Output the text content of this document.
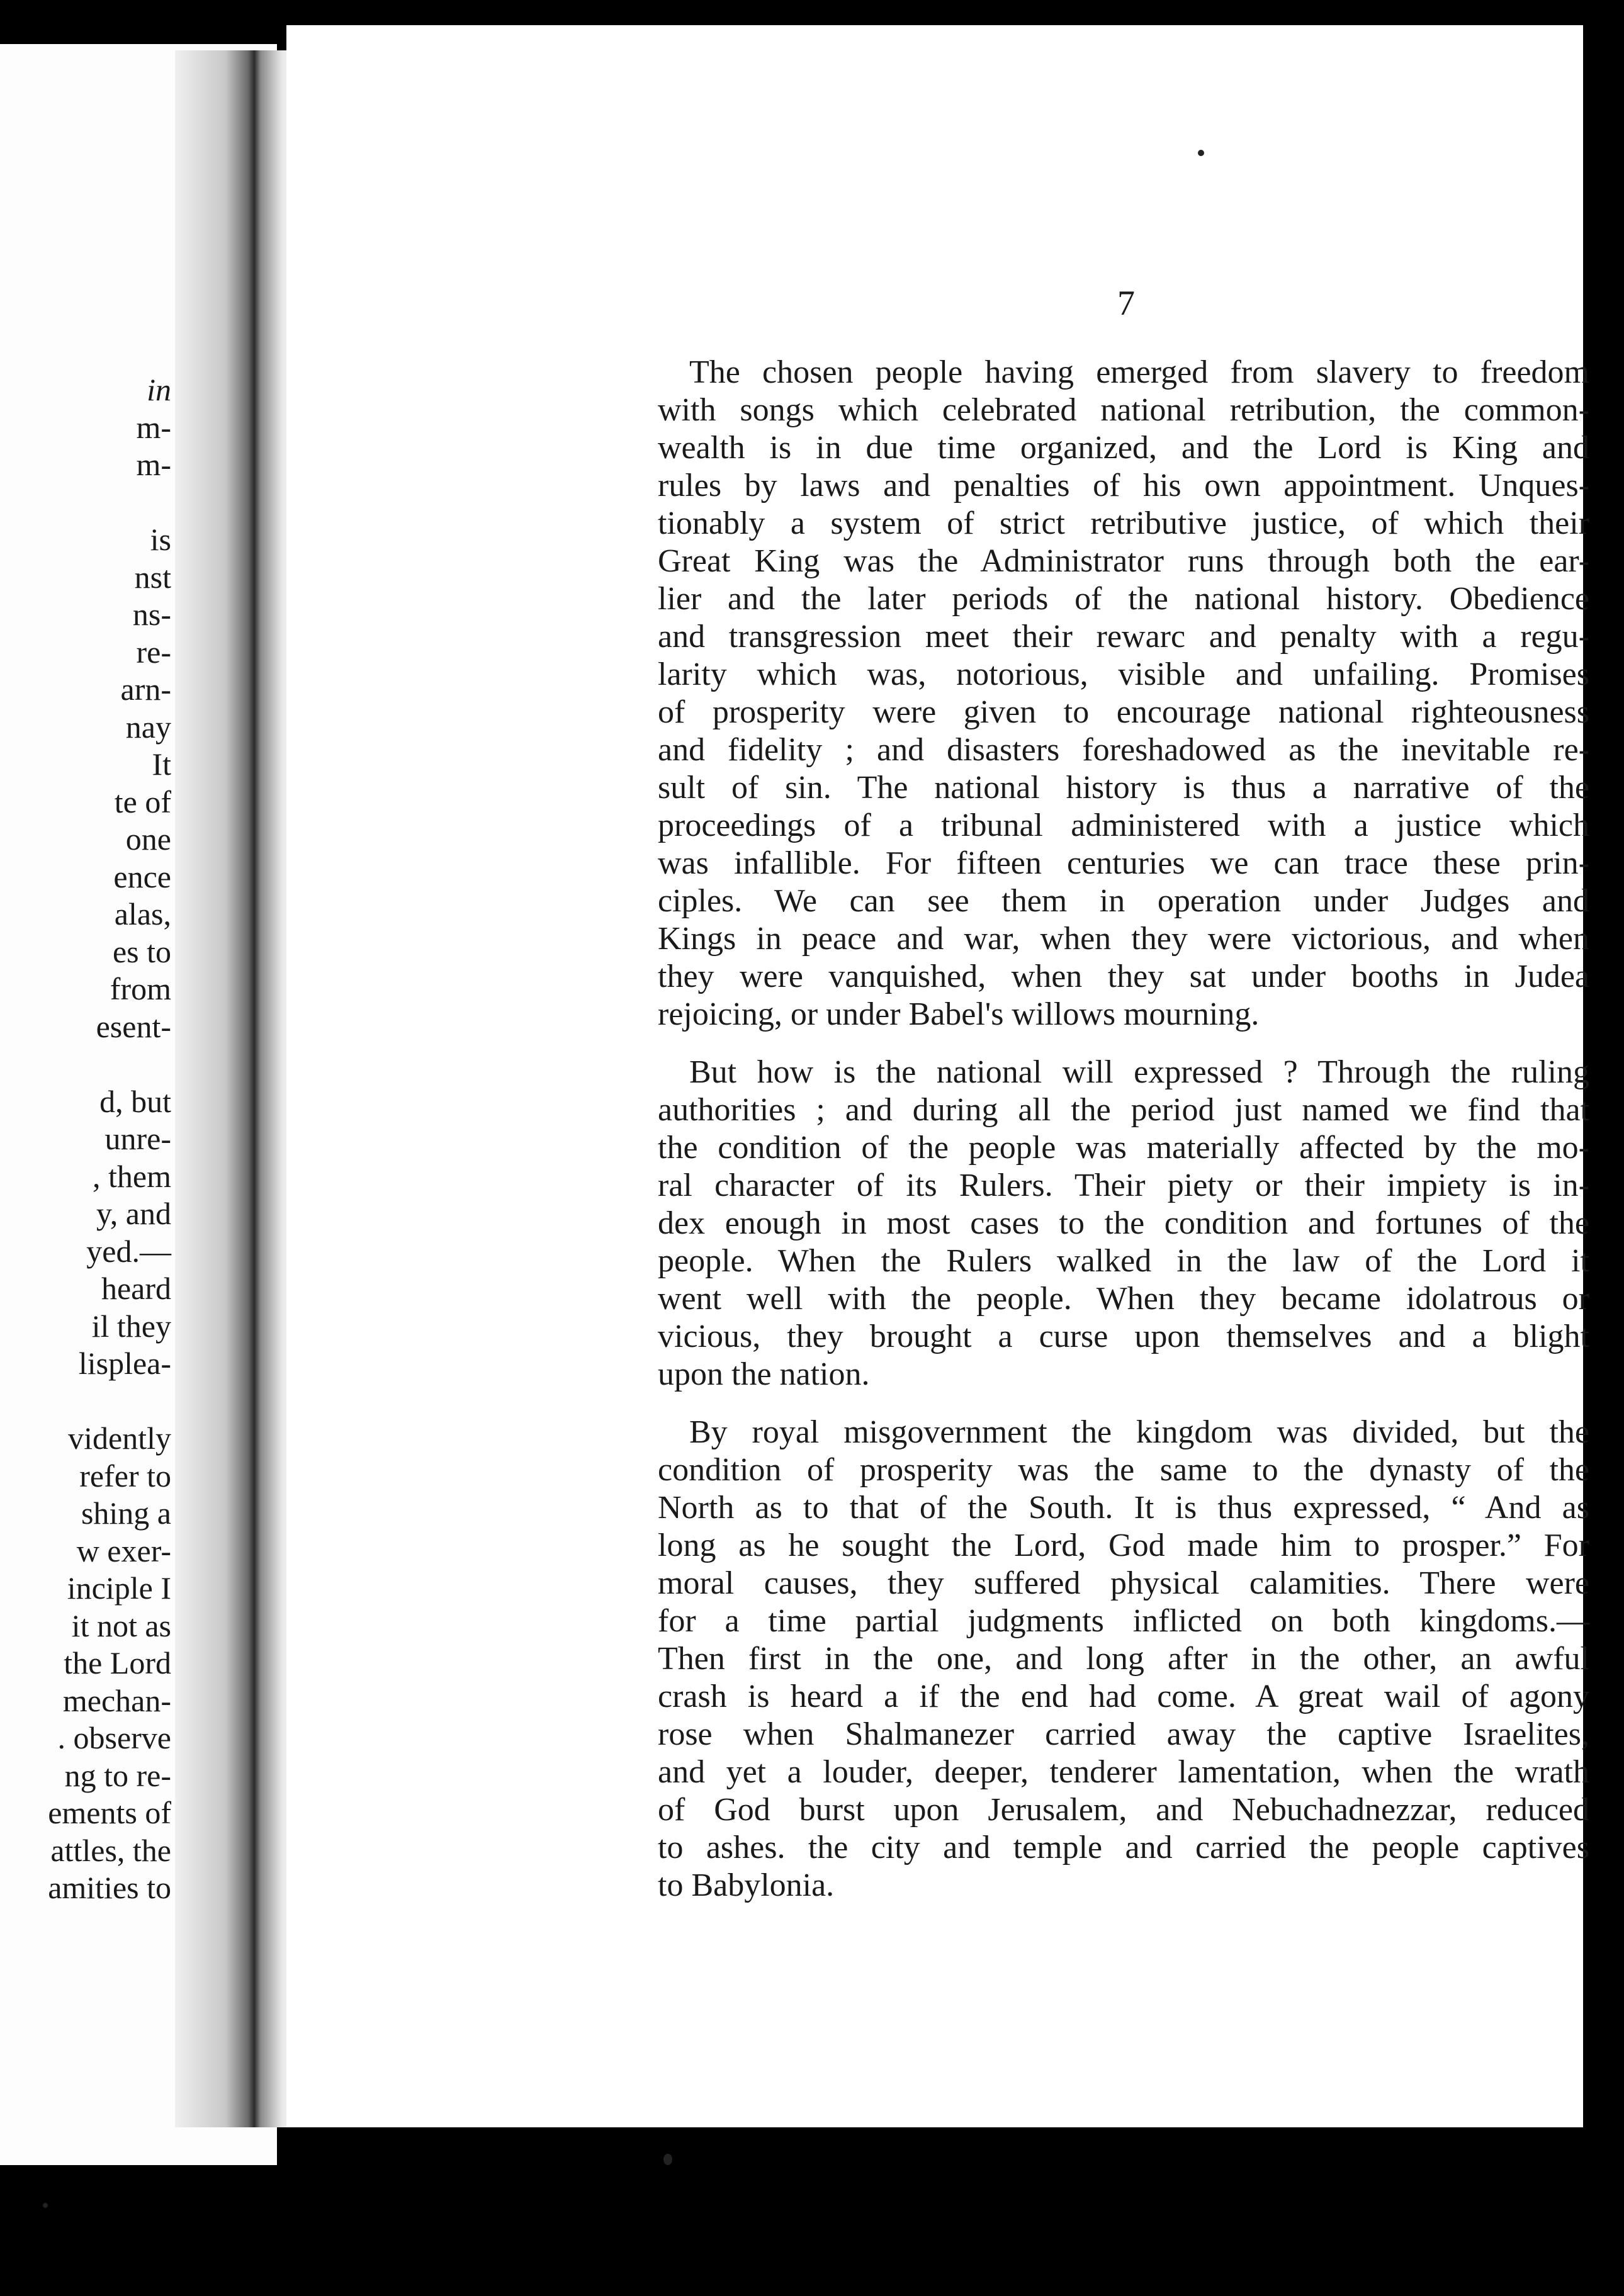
in
m-
m-

is
nst
ns-
re-
arn-
nay
It
te of
one
ence
alas,
es to
from
esent-

d, but
unre-
, them
y, and
yed.—
heard
il they
lisplea-

vidently
refer to
shing a
w exer-
inciple I
it not as
the Lord
mechan-
. observe
ng to re-
ements of
attles, the
amities to
7
The chosen people having emerged from slavery to freedom
with songs which celebrated national retribution, the common-
wealth is in due time organized, and the Lord is King and
rules by laws and penalties of his own appointment. Unques-
tionably a system of strict retributive justice, of which their
Great King was the Administrator runs through both the ear-
lier and the later periods of the national history. Obedience
and transgression meet their rewarc and penalty with a regu-
larity which was, notorious, visible and unfailing. Promises
of prosperity were given to encourage national righteousness
and fidelity ; and disasters foreshadowed as the inevitable re-
sult of sin. The national history is thus a narrative of the
proceedings of a tribunal administered with a justice which
was infallible. For fifteen centuries we can trace these prin-
ciples. We can see them in operation under Judges and
Kings in peace and war, when they were victorious, and when
they were vanquished, when they sat under booths in Judea
rejoicing, or under Babel's willows mourning.
But how is the national will expressed ? Through the ruling
authorities ; and during all the period just named we find that
the condition of the people was materially affected by the mo-
ral character of its Rulers. Their piety or their impiety is in-
dex enough in most cases to the condition and fortunes of the
people. When the Rulers walked in the law of the Lord it
went well with the people. When they became idolatrous or
vicious, they brought a curse upon themselves and a blight
upon the nation.
By royal misgovernment the kingdom was divided, but the
condition of prosperity was the same to the dynasty of the
North as to that of the South. It is thus expressed, “ And as
long as he sought the Lord, God made him to prosper.” For
moral causes, they suffered physical calamities. There were
for a time partial judgments inflicted on both kingdoms.—
Then first in the one, and long after in the other, an awful
crash is heard a if the end had come. A great wail of agony
rose when Shalmanezer carried away the captive Israelites,
and yet a louder, deeper, tenderer lamentation, when the wrath
of God burst upon Jerusalem, and Nebuchadnezzar, reduced
to ashes. the city and temple and carried the people captives
to Babylonia.
